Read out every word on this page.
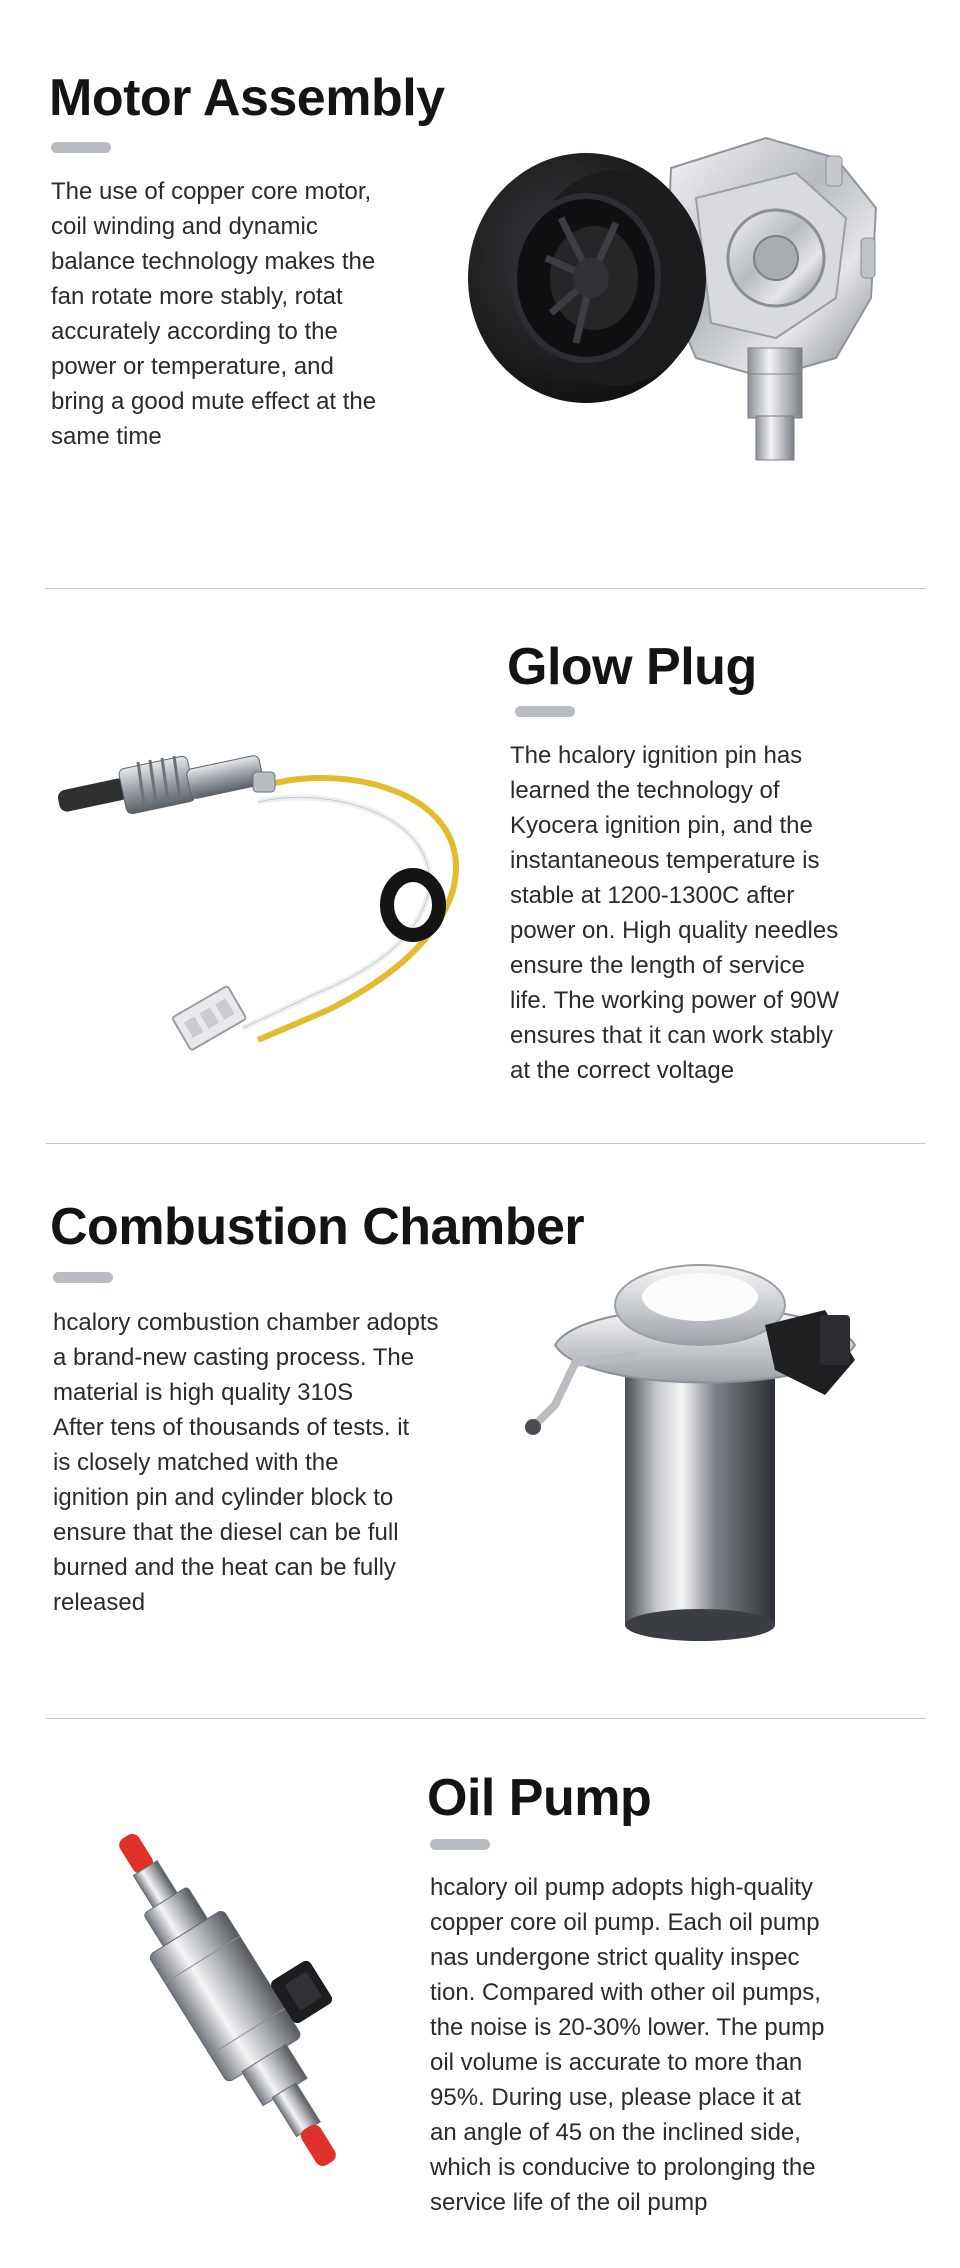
Motor Assembly

The use of copper core motor,
coil winding and dynamic
balance technology makes the
fan rotate more stably, rotat
accurately according to the
power or temperature, and
bring a good mute effect at the
same time

Glow Plug

The hcalory ignition pin has
learned the technology of
Kyocera ignition pin, and the
instantaneous temperature is
stable at 1200-1300C after
power on. High quality needles
ensure the length of service
life. The working power of 90W
ensures that it can work stably
at the correct voltage

Combustion Chamber

hcalory combustion chamber adopts
a brand-new casting process. The
material is high quality 310S
After tens of thousands of tests. it
is closely matched with the
ignition pin and cylinder block to
ensure that the diesel can be full
burned and the heat can be fully
released

Oil Pump

hcalory oil pump adopts high-quality
copper core oil pump. Each oil pump
nas undergone strict quality inspec
tion. Compared with other oil pumps,
the noise is 20-30% lower. The pump
oil volume is accurate to more than
95%. During use, please place it at
an angle of 45 on the inclined side,
which is conducive to prolonging the
service life of the oil pump
